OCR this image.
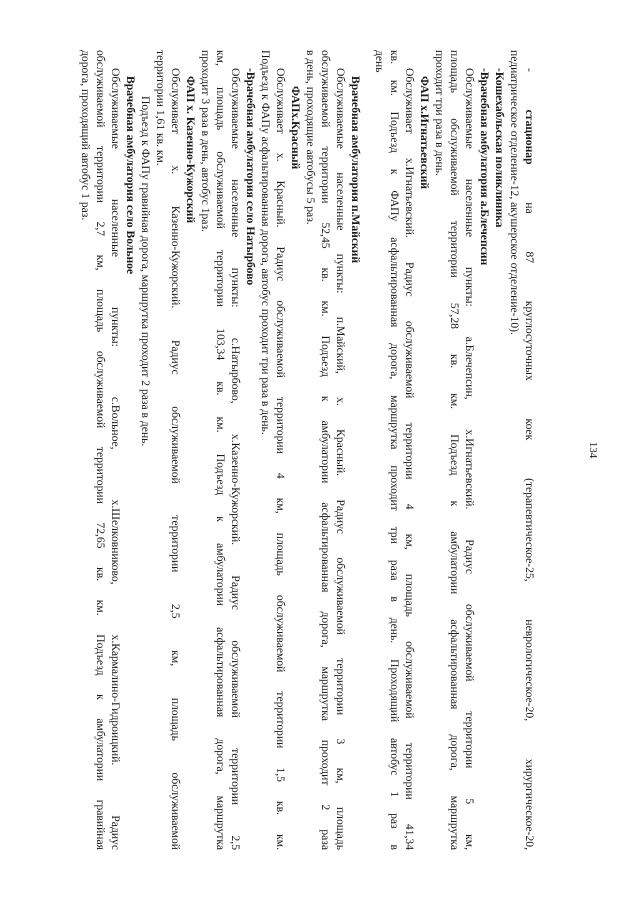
134

- стационар на 87 круглосуточных коек (терапевтическое-25, неврологическое-20, хирургическое-20,

педиатрическое отделение-12, акушерское отделение-10).

-Кошехабльская поликлиника

-Врачебная амбулатория а.Блечепсин

Обслуживаемые населенные пункты: а.Блечепсин, х.Игнатьевский. Радиус обслуживаемой территории 5 км,

площадь обслуживаемой территории 57,28 кв. км. Подъезд к амбулатории асфальтированная дорога, маршрутка

проходит три раза в день.

ФАП х.Игнатьевский

Обслуживает х.Игнатьевский. Радиус обслуживаемой территории 4 км, площадь обслуживаемой территории 41,34

кв. км. Подъезд к ФАПу асфальтированная дорога, маршрутка проходит три раза в день. Проходящий автобус 1 раз в

день

Врачебная амбулатория п.Майский

Обслуживаемые населенные пункты: п.Майский, х. Красный. Радиус обслуживаемой территории 3 км, площадь

обслуживаемой территории 52,45 кв. км. Подъезд к амбулатории асфальтированная дорога, маршрутка проходит 2 раза

в день, проходящие автобусы 5 раз.

ФАПх.Красный

Обслуживает х. Красный. Радиус обслуживаемой территории 4 км, площадь обслуживаемой территории 1,5 кв. км.

Подъезд к ФАПу асфальтированная дорога, автобус проходит три раза в день.

-Врачебная амбулатория село Натырбово

Обслуживаемые населенные пункты: с.Натырбово, х.Казенно-Кужорский. Радиус обслуживаемой территории 2,5

км, площадь обслуживаемой территории 103,34 кв. км. Подъезд к амбулатории асфальтированная дорога, маршрутка

проходит 3 раза в день, автобус 1раз.

ФАП х. Казенно-Кужорский

Обслуживает х. Казенно-Кужорский. Радиус обслуживаемой территории 2,5 км, площадь обслуживаемой

территории 1,61 кв. км.

Подъезд к ФАПу гравийная дорога, маршрутка проходит 2 раза в день.

Врачебная амбулатория село Вольное

Обслуживаемые населенные пункты: с.Вольное, х.Шелковниково, х.Кармалино-Гидроицкий. Радиус

обслуживаемой территории 2,7 км, площадь обслуживаемой территории 72,65 кв. км. Подъезд к амбулатории гравийная

дорога, проходящий автобус 1 раз.
